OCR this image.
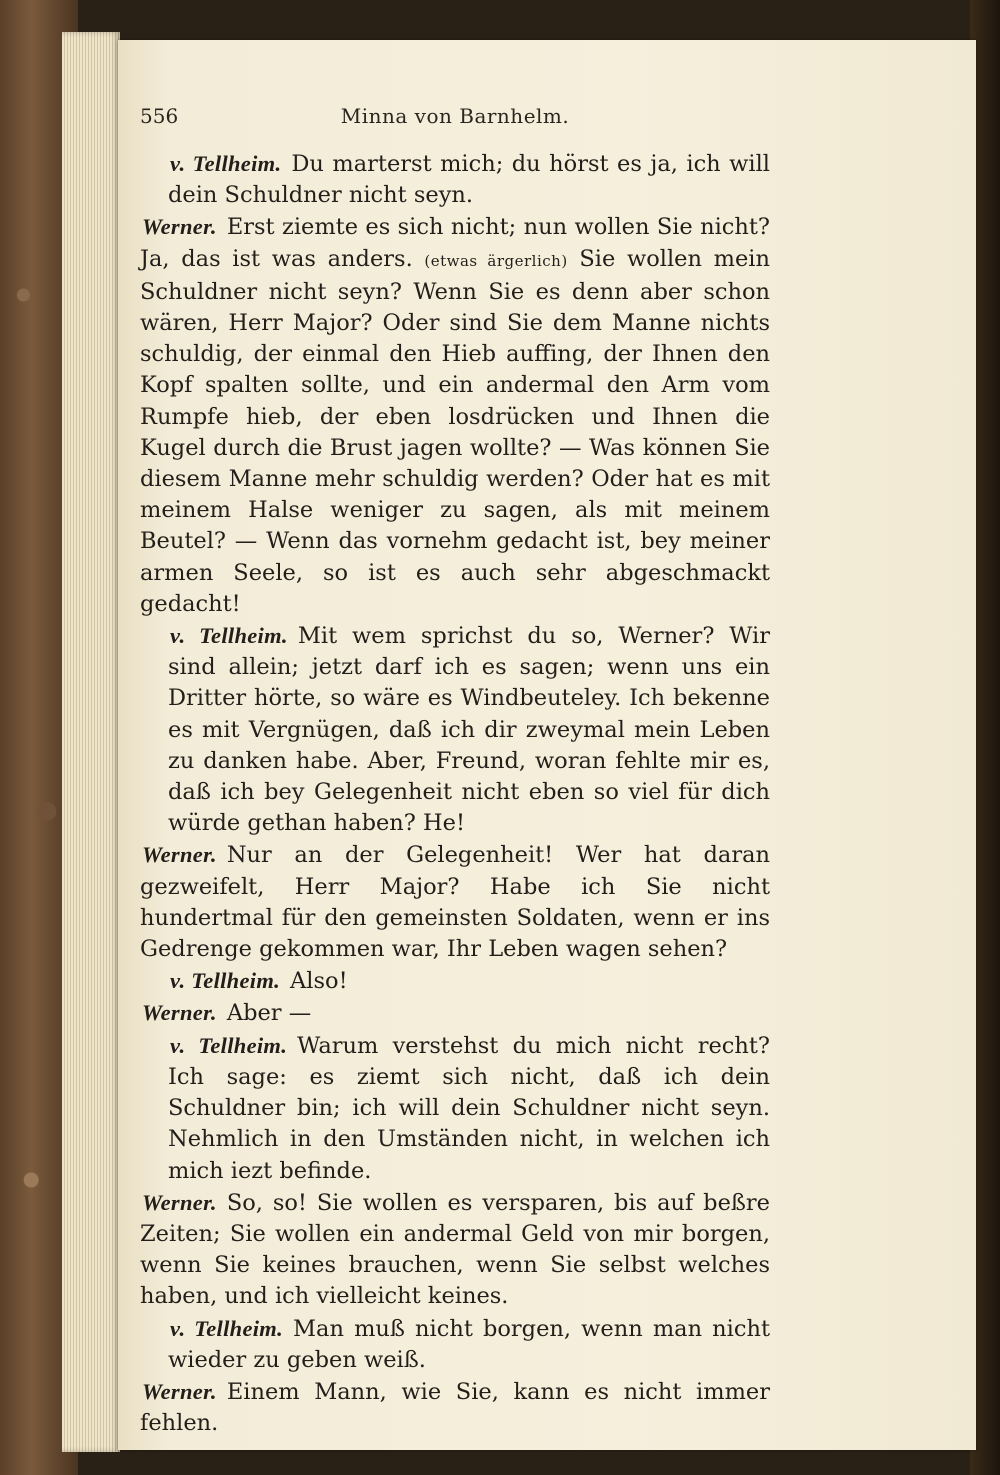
Minna von Barnhelm.
556

v. Tellheim. Du marterst mich; du hörst es ja, ich will dein Schuldner nicht seyn.

Werner. Erst ziemte es sich nicht; nun wollen Sie nicht? Ja, das ist was anders. (etwas ärgerlich) Sie wollen mein Schuldner nicht seyn? Wenn Sie es denn aber schon wären, Herr Major? Oder sind Sie dem Manne nichts schuldig, der einmal den Hieb auffing, der Ihnen den Kopf spalten sollte, und ein andermal den Arm vom Rumpfe hieb, der eben losdrücken und Ihnen die Kugel durch die Brust jagen wollte? — Was können Sie diesem Manne mehr schuldig werden? Oder hat es mit meinem Halse weniger zu sagen, als mit meinem Beutel? — Wenn das vornehm gedacht ist, bey meiner armen Seele, so ist es auch sehr abgeschmackt gedacht!

v. Tellheim. Mit wem sprichst du so, Werner? Wir sind allein; jetzt darf ich es sagen; wenn uns ein Dritter hörte, so wäre es Windbeuteley. Ich bekenne es mit Vergnügen, daß ich dir zweymal mein Leben zu danken habe. Aber, Freund, woran fehlte mir es, daß ich bey Gelegenheit nicht eben so viel für dich würde gethan haben? He!

Werner. Nur an der Gelegenheit! Wer hat daran gezweifelt, Herr Major? Habe ich Sie nicht hundertmal für den gemeinsten Soldaten, wenn er ins Gedrenge gekommen war, Ihr Leben wagen sehen?

v. Tellheim. Also!

Werner. Aber —

v. Tellheim. Warum verstehst du mich nicht recht? Ich sage: es ziemt sich nicht, daß ich dein Schuldner bin; ich will dein Schuldner nicht seyn. Nehmlich in den Umständen nicht, in welchen ich mich iezt befinde.

Werner. So, so! Sie wollen es versparen, bis auf beßre Zeiten; Sie wollen ein andermal Geld von mir borgen, wenn Sie keines brauchen, wenn Sie selbst welches haben, und ich vielleicht keines.

v. Tellheim. Man muß nicht borgen, wenn man nicht wieder zu geben weiß.

Werner. Einem Mann, wie Sie, kann es nicht immer fehlen.
